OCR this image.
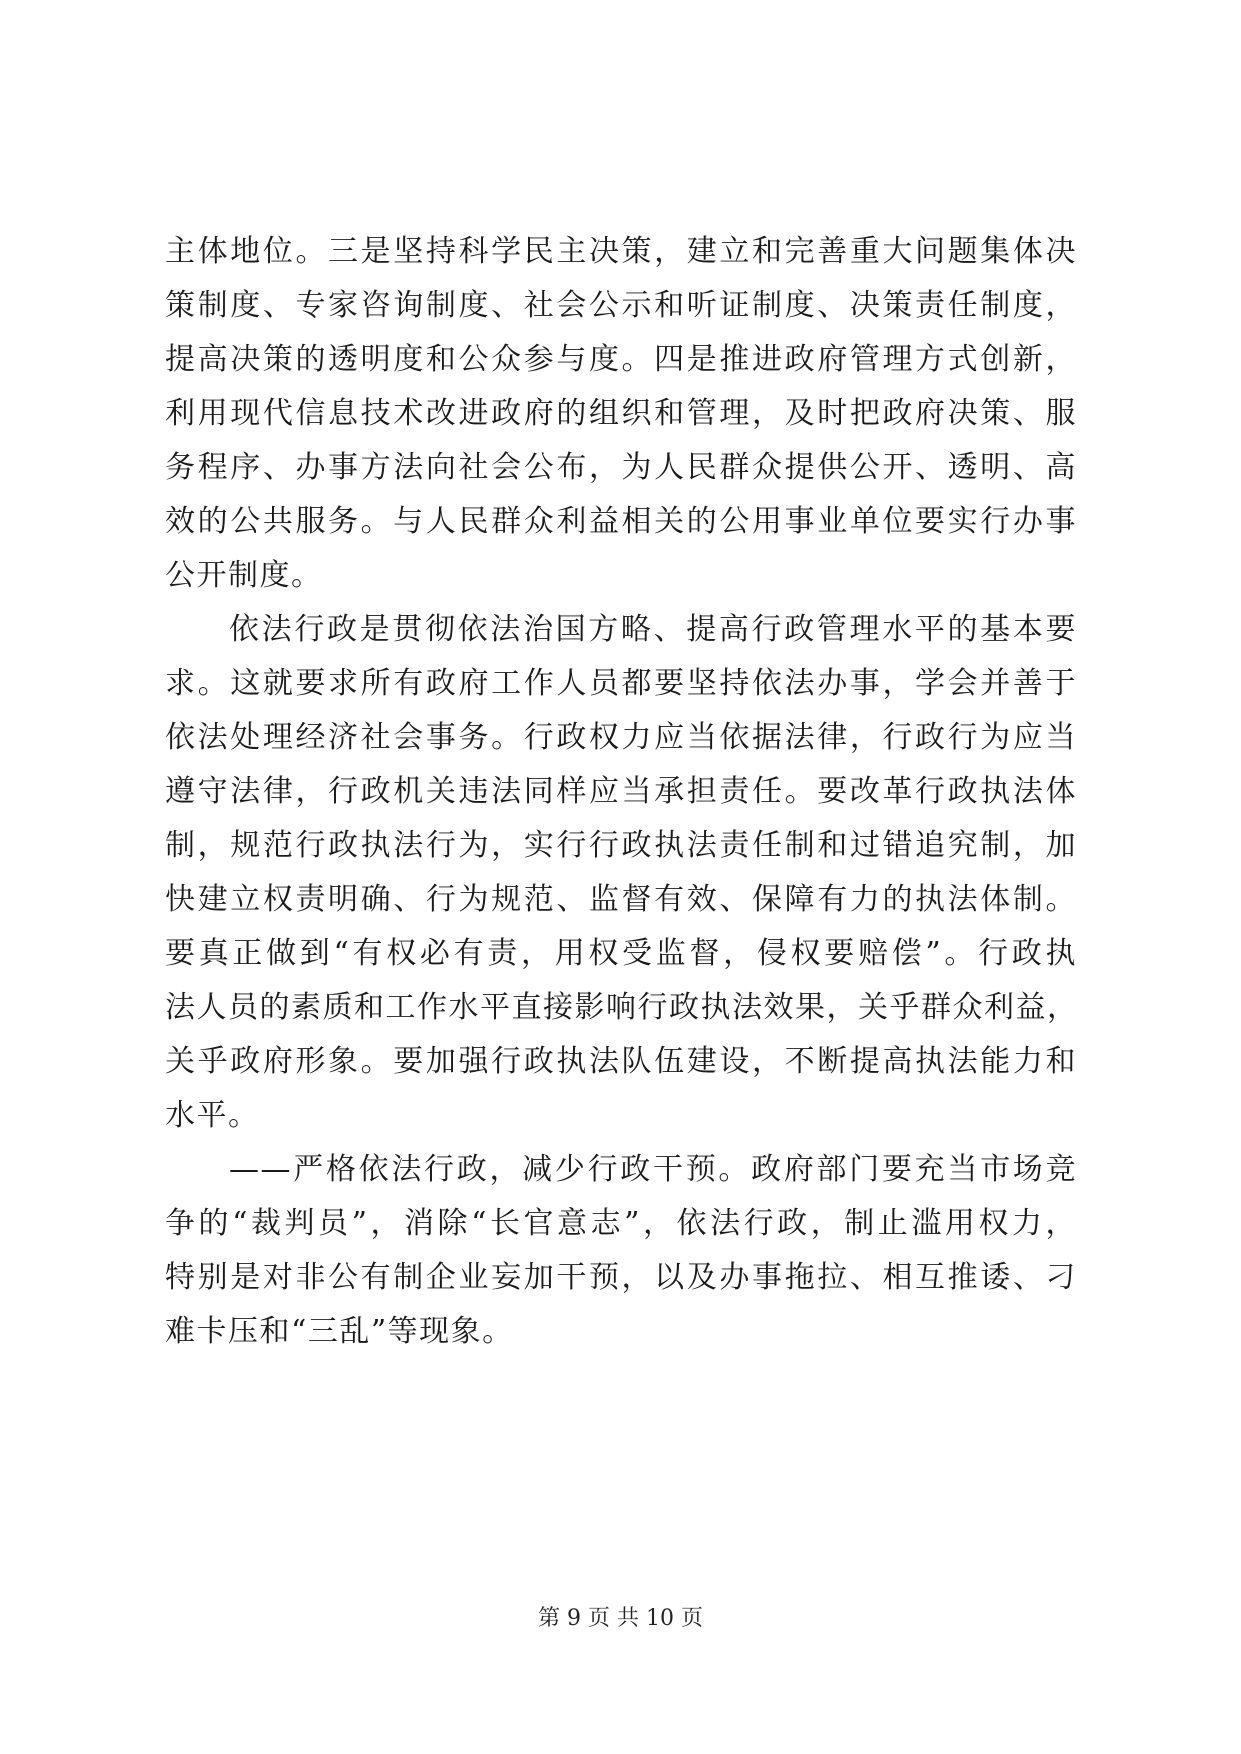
主体地位。三是坚持科学民主决策，建立和完善重大问题集体决
策制度、专家咨询制度、社会公示和听证制度、决策责任制度，
提高决策的透明度和公众参与度。四是推进政府管理方式创新，
利用现代信息技术改进政府的组织和管理，及时把政府决策、服
务程序、办事方法向社会公布，为人民群众提供公开、透明、高
效的公共服务。与人民群众利益相关的公用事业单位要实行办事
公开制度。
依法行政是贯彻依法治国方略、提高行政管理水平的基本要
求。这就要求所有政府工作人员都要坚持依法办事，学会并善于
依法处理经济社会事务。行政权力应当依据法律，行政行为应当
遵守法律，行政机关违法同样应当承担责任。要改革行政执法体
制，规范行政执法行为，实行行政执法责任制和过错追究制，加
快建立权责明确、行为规范、监督有效、保障有力的执法体制。
要真正做到“有权必有责，用权受监督，侵权要赔偿”。行政执
法人员的素质和工作水平直接影响行政执法效果，关乎群众利益，
关乎政府形象。要加强行政执法队伍建设，不断提高执法能力和
水平。
——严格依法行政，减少行政干预。政府部门要充当市场竞
争的“裁判员”，消除“长官意志”，依法行政，制止滥用权力，
特别是对非公有制企业妄加干预，以及办事拖拉、相互推诿、刁
难卡压和“三乱”等现象。
第 9 页 共 10 页
